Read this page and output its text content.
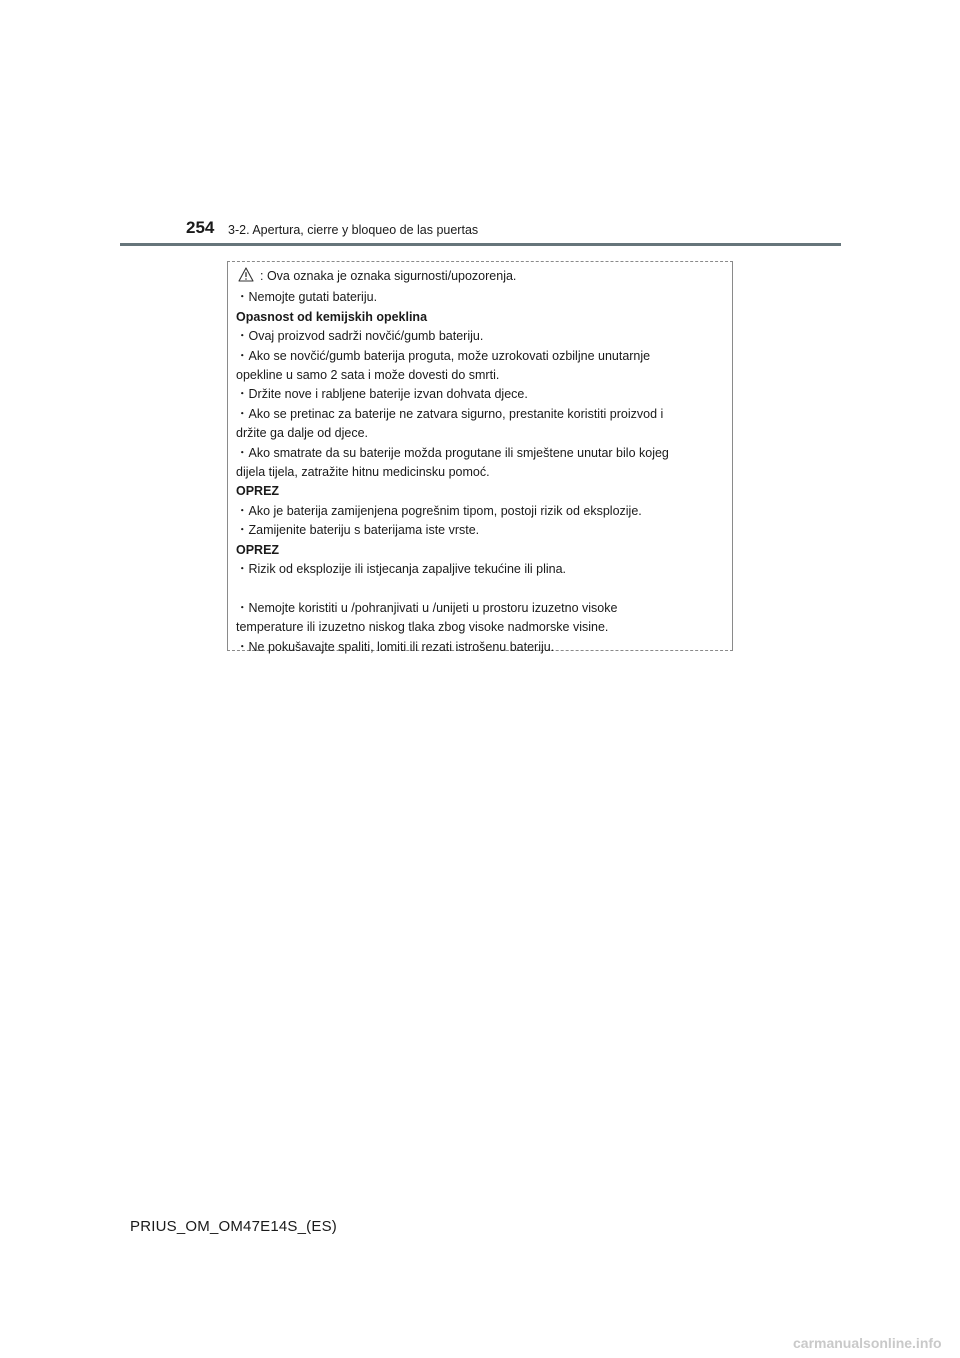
254 3-2. Apertura, cierre y bloqueo de las puertas
: Ova oznaka je oznaka sigurnosti/upozorenja.
・Nemojte gutati bateriju.
Opasnost od kemijskih opeklina
・Ovaj proizvod sadrži novčić/gumb bateriju.
・Ako se novčić/gumb baterija proguta, može uzrokovati ozbiljne unutarnje
opekline u samo 2 sata i može dovesti do smrti.
・Držite nove i rabljene baterije izvan dohvata djece.
・Ako se pretinac za baterije ne zatvara sigurno, prestanite koristiti proizvod i
držite ga dalje od djece.
・Ako smatrate da su baterije možda progutane ili smještene unutar bilo kojeg
dijela tijela, zatražite hitnu medicinsku pomoć.
OPREZ
・Ako je baterija zamijenjena pogrešnim tipom, postoji rizik od eksplozije.
・Zamijenite bateriju s baterijama iste vrste.
OPREZ
・Rizik od eksplozije ili istjecanja zapaljive tekućine ili plina.
・Nemojte koristiti u /pohranjivati u /unijeti u prostoru izuzetno visoke
temperature ili izuzetno niskog tlaka zbog visoke nadmorske visine.
・Ne pokušavajte spaliti, lomiti ili rezati istrošenu bateriju.
PRIUS_OM_OM47E14S_(ES)
carmanualsonline.info
